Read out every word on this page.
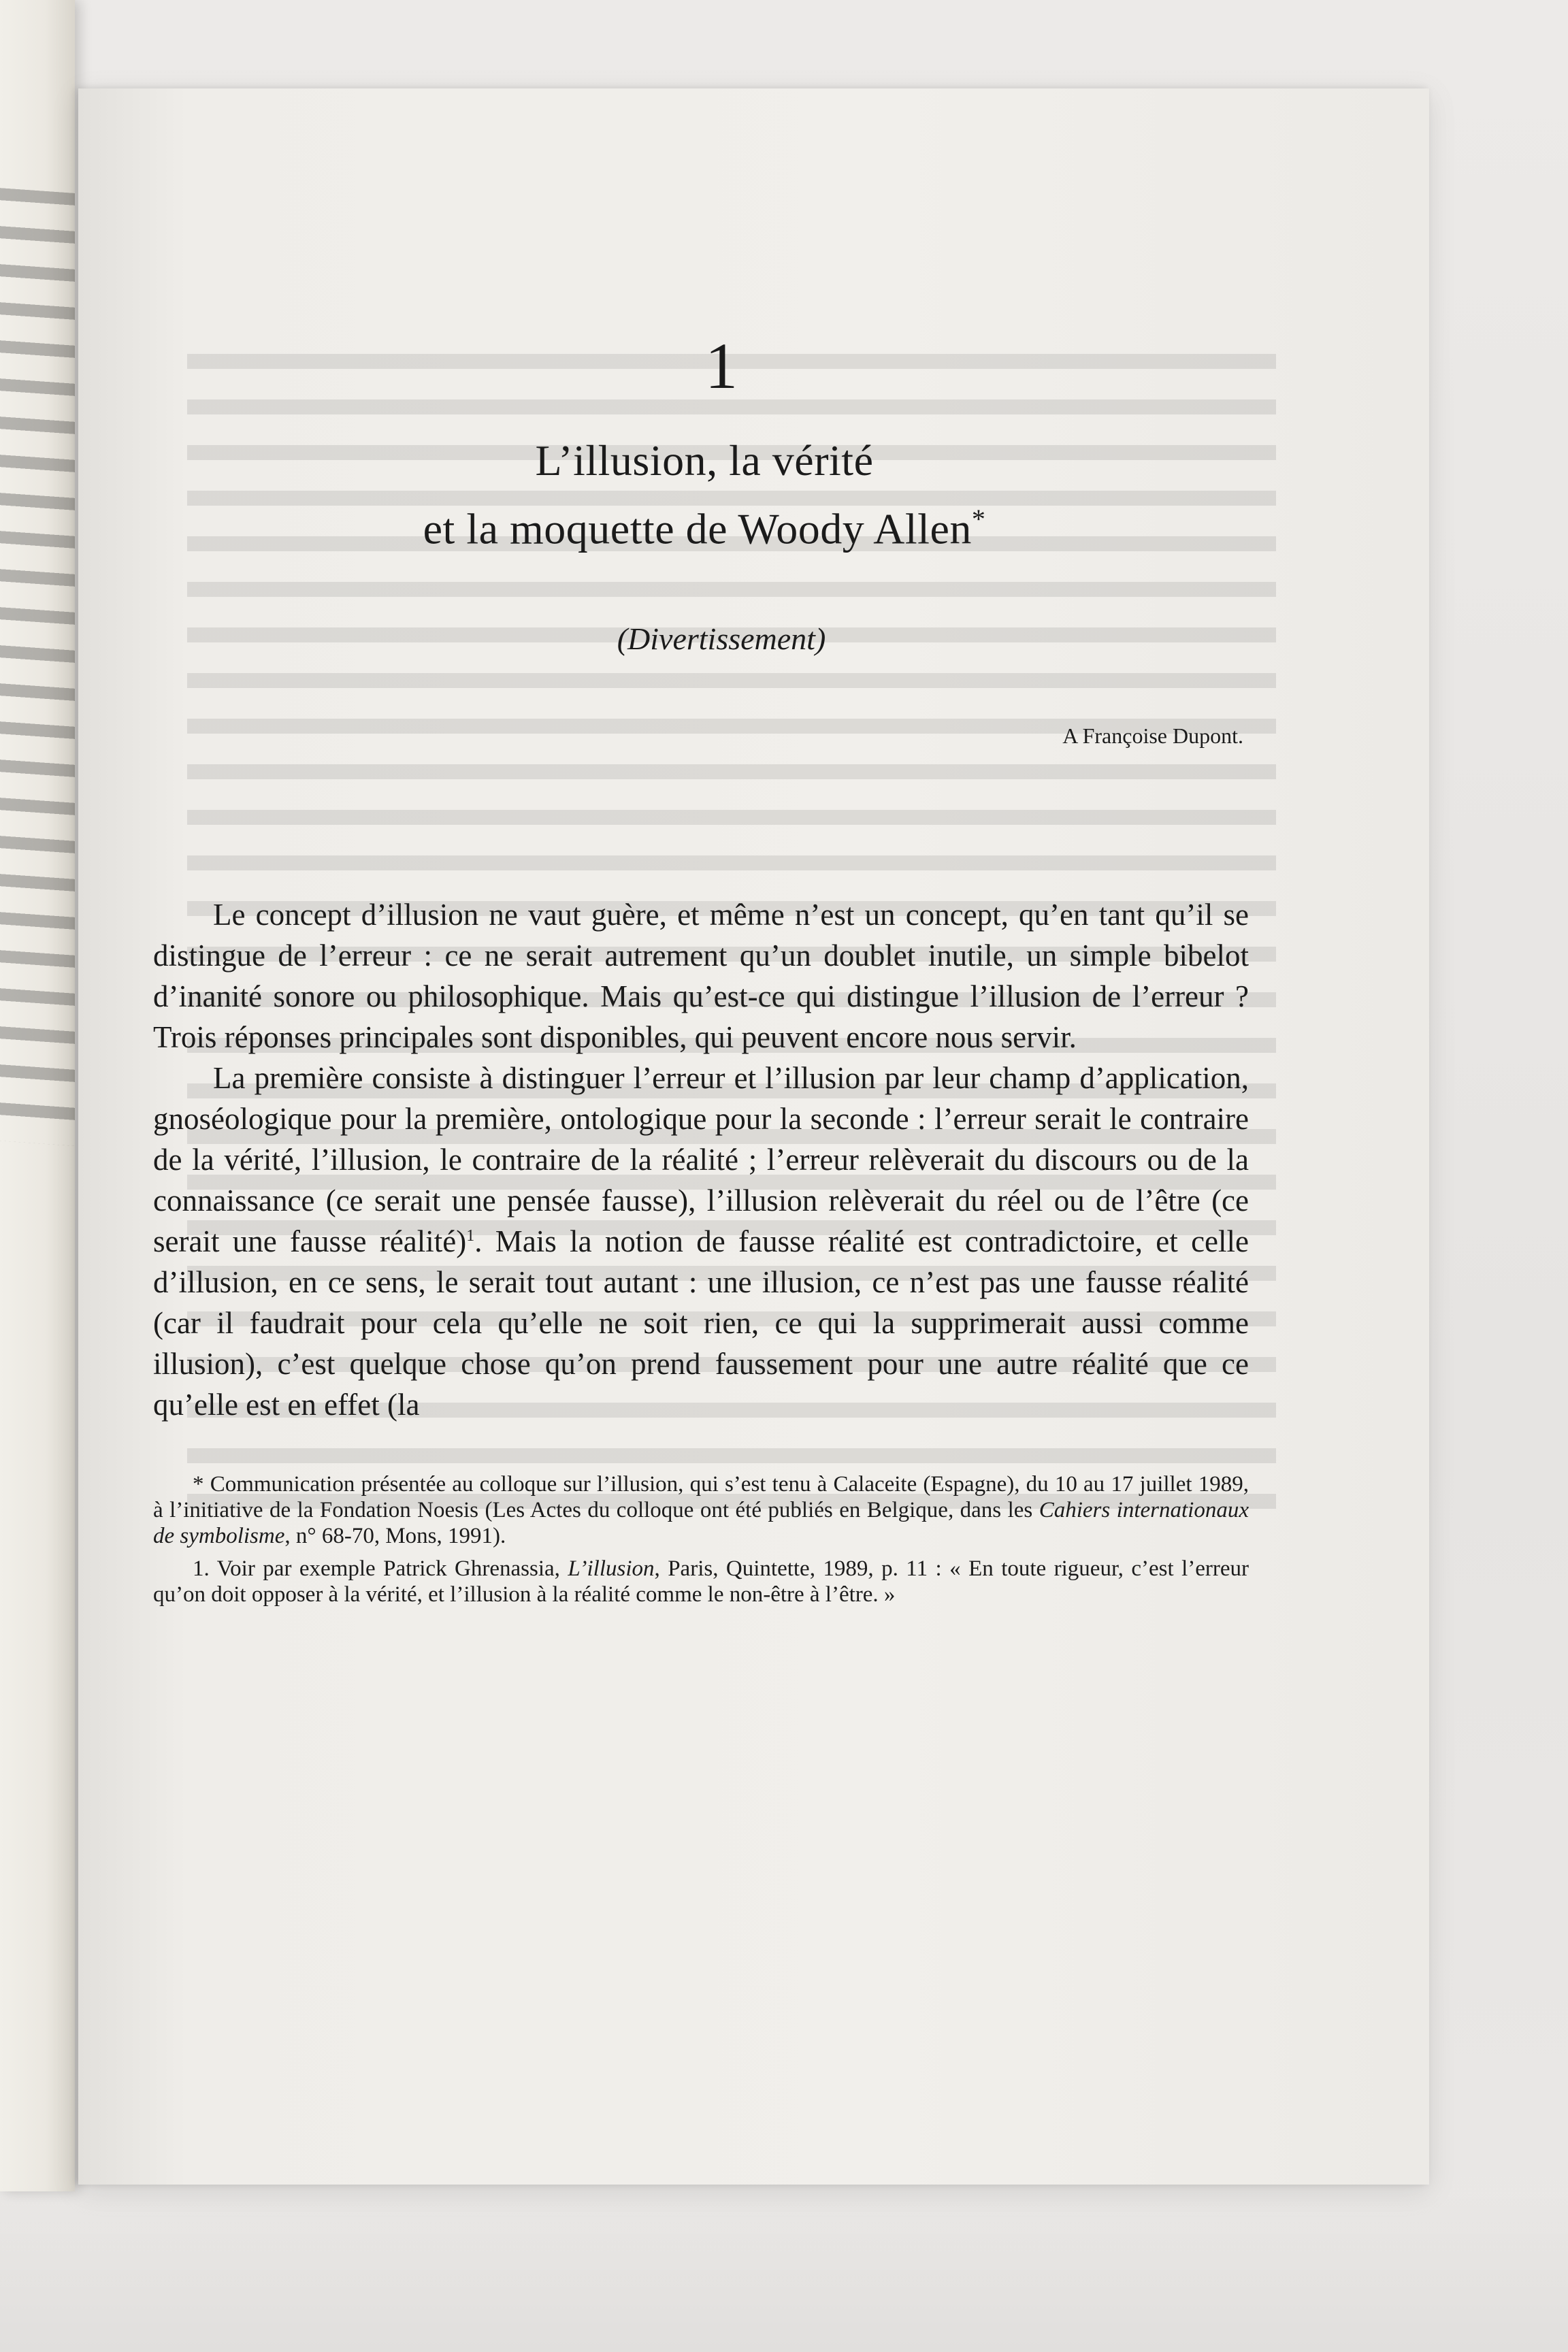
1
L’illusion, la vérité
et la moquette de Woody Allen*
(Divertissement)
A Françoise Dupont.

Le concept d’illusion ne vaut guère, et même n’est un concept, qu’en tant qu’il se distingue de l’erreur : ce ne serait autrement qu’un doublet inutile, un simple bibelot d’inanité sonore ou philosophique. Mais qu’est-ce qui distingue l’illusion de l’erreur ? Trois réponses principales sont disponibles, qui peuvent encore nous servir.

La première consiste à distinguer l’erreur et l’illusion par leur champ d’application, gnoséologique pour la première, ontologique pour la seconde : l’erreur serait le contraire de la vérité, l’illusion, le contraire de la réalité ; l’erreur relèverait du discours ou de la connaissance (ce serait une pensée fausse), l’illusion relèverait du réel ou de l’être (ce serait une fausse réalité)$^1$. Mais la notion de fausse réalité est contradictoire, et celle d’illusion, en ce sens, le serait tout autant : une illusion, ce n’est pas une fausse réalité (car il faudrait pour cela qu’elle ne soit rien, ce qui la supprimerait aussi comme illusion), c’est quelque chose qu’on prend faussement pour une autre réalité que ce qu’elle est en effet (la

* Communication présentée au colloque sur l’illusion, qui s’est tenu à Calaceite (Espagne), du 10 au 17 juillet 1989, à l’initiative de la Fondation Noesis (Les Actes du colloque ont été publiés en Belgique, dans les Cahiers internationaux de symbolisme, n° 68-70, Mons, 1991).

1. Voir par exemple Patrick Ghrenassia, L’illusion, Paris, Quintette, 1989, p. 11 : « En toute rigueur, c’est l’erreur qu’on doit opposer à la vérité, et l’illusion à la réalité comme le non-être à l’être. »
